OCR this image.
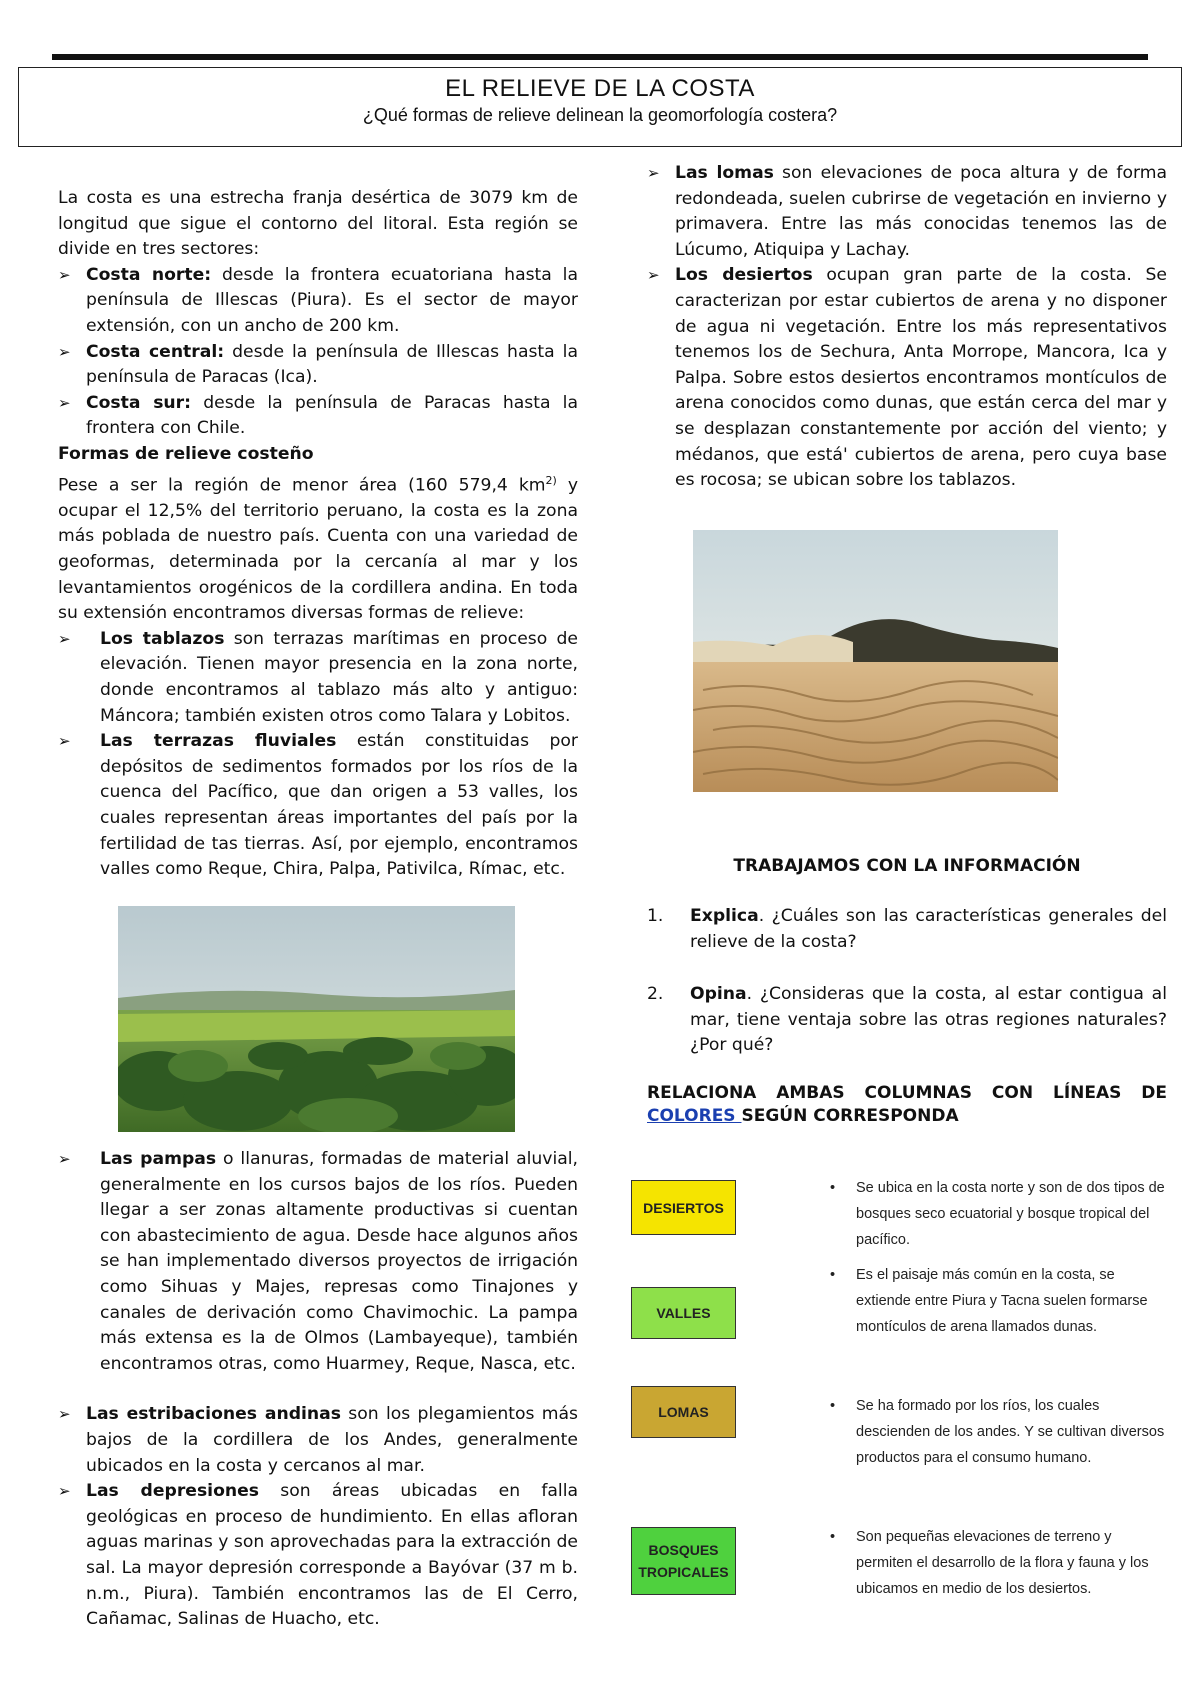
EL RELIEVE DE LA COSTA
¿Qué formas de relieve delinean la geomorfología costera?

La costa es una estrecha franja desértica de 3079 km de longitud que sigue el contorno del litoral. Esta región se divide en tres sectores:

➢ Costa norte: desde la frontera ecuatoriana hasta la península de Illescas (Piura). Es el sector de mayor extensión, con un ancho de 200 km.
➢ Costa central: desde la península de Illescas hasta la península de Paracas (Ica).
➢ Costa sur: desde la península de Paracas hasta la frontera con Chile.
Formas de relieve costeño

Pese a ser la región de menor área (160 579,4 $km^{2)}$ y ocupar el 12,5% del territorio peruano, la costa es la zona más poblada de nuestro país. Cuenta con una variedad de geoformas, determinada por la cercanía al mar y los levantamientos orogénicos de la cordillera andina. En toda su extensión encontramos diversas formas de relieve:

➢ Los tablazos son terrazas marítimas en proceso de elevación. Tienen mayor presencia en la zona norte, donde encontramos al tablazo más alto y antiguo: Máncora; también existen otros como Talara y Lobitos.
➢ Las terrazas fluviales están constituidas por depósitos de sedimentos formados por los ríos de la cuenca del Pacífico, que dan origen a 53 valles, los cuales representan áreas importantes del país por la fertilidad de tas tierras. Así, por ejemplo, encontramos valles como Reque, Chira, Palpa, Pativilca, Rímac, etc.
➢ Las pampas o llanuras, formadas de material aluvial, generalmente en los cursos bajos de los ríos. Pueden llegar a ser zonas altamente productivas si cuentan con abastecimiento de agua. Desde hace algunos años se han implementado diversos proyectos de irrigación como Sihuas y Majes, represas como Tinajones y canales de derivación como Chavimochic. La pampa más extensa es la de Olmos (Lambayeque), también encontramos otras, como Huarmey, Reque, Nasca, etc.
➢ Las estribaciones andinas son los plegamientos más bajos de la cordillera de los Andes, generalmente ubicados en la costa y cercanos al mar.
➢ Las depresiones son áreas ubicadas en falla geológicas en proceso de hundimiento. En ellas afloran aguas marinas y son aprovechadas para la extracción de sal. La mayor depresión corresponde a Bayóvar (37 m b. n.m., Piura). También encontramos las de El Cerro, Cañamac, Salinas de Huacho, etc.
➢ Las lomas son elevaciones de poca altura y de forma redondeada, suelen cubrirse de vegetación en invierno y primavera. Entre las más conocidas tenemos las de Lúcumo, Atiquipa y Lachay.
➢ Los desiertos ocupan gran parte de la costa. Se caracterizan por estar cubiertos de arena y no disponer de agua ni vegetación. Entre los más representativos tenemos los de Sechura, Anta Morrope, Mancora, Ica y Palpa. Sobre estos desiertos encontramos montículos de arena conocidos como dunas, que están cerca del mar y se desplazan constantemente por acción del viento; y médanos, que está' cubiertos de arena, pero cuya base es rocosa; se ubican sobre los tablazos.
TRABAJAMOS CON LA INFORMACIÓN
1. Explica. ¿Cuáles son las características generales del relieve de la costa?
2. Opina. ¿Consideras que la costa, al estar contigua al mar, tiene ventaja sobre las otras regiones naturales? ¿Por qué?
RELACIONA AMBAS COLUMNAS CON LÍNEAS DE COLORES SEGÚN CORRESPONDA
DESIERTOS
VALLES
LOMAS
BOSQUES TROPICALES
• Se ubica en la costa norte y son de dos tipos de bosques seco ecuatorial y bosque tropical del pacífico.
• Es el paisaje más común en la costa, se extiende entre Piura y Tacna suelen formarse montículos de arena llamados dunas.
• Se ha formado por los ríos, los cuales descienden de los andes. Y se cultivan diversos productos para el consumo humano.
• Son pequeñas elevaciones de terreno y permiten el desarrollo de la flora y fauna y los ubicamos en medio de los desiertos.
